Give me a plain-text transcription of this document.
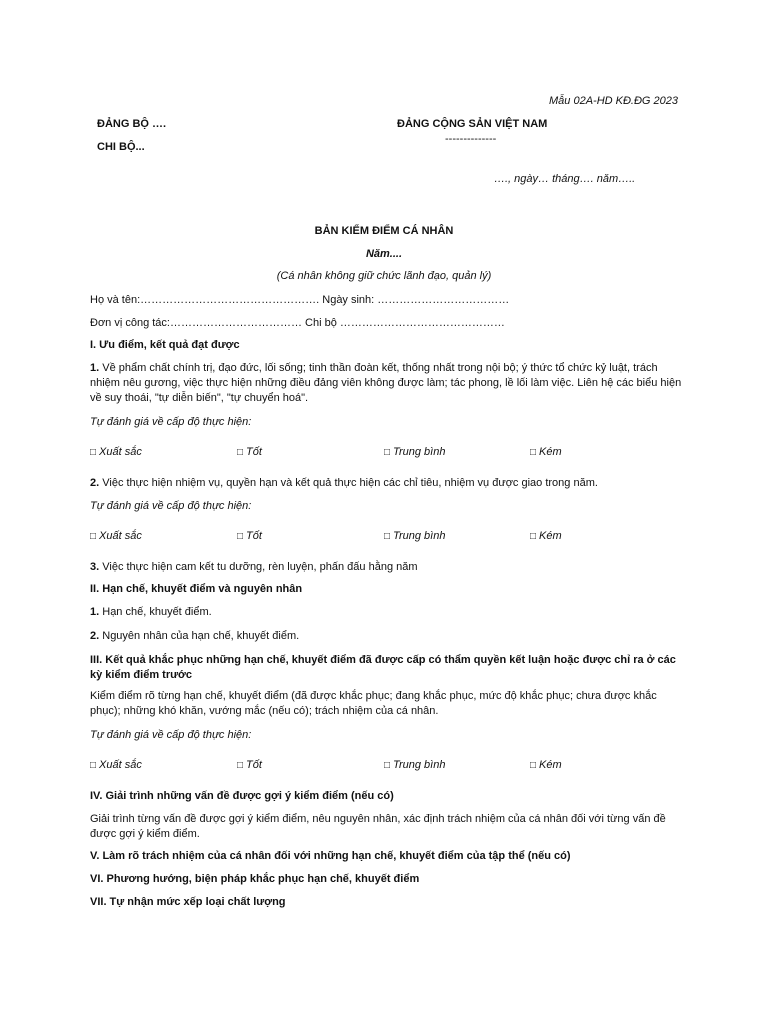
Mẫu 02A-HD KĐ.ĐG 2023
ĐẢNG BỘ ….
CHI BỘ...
ĐẢNG CỘNG SẢN VIỆT NAM
--------------
…., ngày… tháng…. năm…..
BẢN KIỂM ĐIỂM CÁ NHÂN
Năm....
(Cá nhân không giữ chức lãnh đạo, quản lý)
Họ và tên:…………………………………………. Ngày sinh: ………………………………
Đơn vị công tác:……………………………… Chi bộ ………………………………………
I. Ưu điểm, kết quả đạt được
1. Về phẩm chất chính trị, đạo đức, lối sống; tinh thần đoàn kết, thống nhất trong nội bộ; ý thức tổ chức kỷ luật, trách nhiệm nêu gương, việc thực hiện những điều đảng viên không được làm; tác phong, lề lối làm việc. Liên hệ các biểu hiện về suy thoái, "tự diễn biến", "tự chuyển hoá".
Tự đánh giá về cấp độ thực hiện:
□ Xuất sắc	□ Tốt	□ Trung bình	□ Kém
2. Việc thực hiện nhiệm vụ, quyền hạn và kết quả thực hiện các chỉ tiêu, nhiệm vụ được giao trong năm.
Tự đánh giá về cấp độ thực hiện:
□ Xuất sắc	□ Tốt	□ Trung bình	□ Kém
3. Việc thực hiện cam kết tu dưỡng, rèn luyện, phấn đấu hằng năm
II. Hạn chế, khuyết điểm và nguyên nhân
1. Hạn chế, khuyết điểm.
2. Nguyên nhân của hạn chế, khuyết điểm.
III. Kết quả khắc phục những hạn chế, khuyết điểm đã được cấp có thẩm quyền kết luận hoặc được chỉ ra ở các kỳ kiểm điểm trước
Kiểm điểm rõ từng hạn chế, khuyết điểm (đã được khắc phục; đang khắc phục, mức độ khắc phục; chưa được khắc phục); những khó khăn, vướng mắc (nếu có); trách nhiệm của cá nhân.
Tự đánh giá về cấp độ thực hiện:
□ Xuất sắc	□ Tốt	□ Trung bình	□ Kém
IV. Giải trình những vấn đề được gợi ý kiểm điểm (nếu có)
Giải trình từng vấn đề được gợi ý kiểm điểm, nêu nguyên nhân, xác định trách nhiệm của cá nhân đối với từng vấn đề được gợi ý kiểm điểm.
V. Làm rõ trách nhiệm của cá nhân đối với những hạn chế, khuyết điểm của tập thể (nếu có)
VI. Phương hướng, biện pháp khắc phục hạn chế, khuyết điểm
VII. Tự nhận mức xếp loại chất lượng
